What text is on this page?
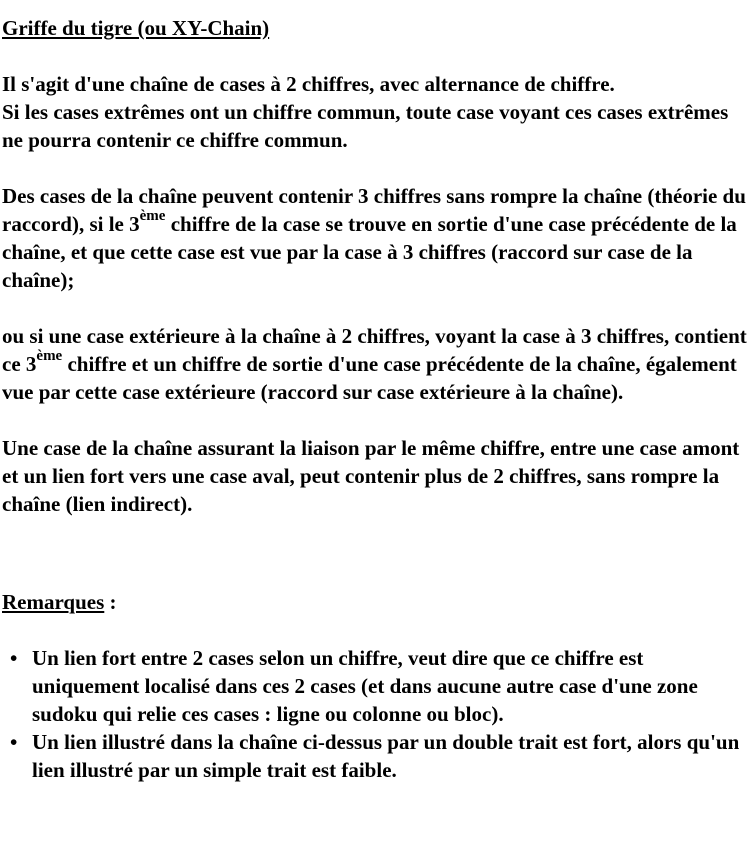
Griffe du tigre (ou XY-Chain)

Il s'agit d'une chaîne de cases à 2 chiffres, avec alternance de chiffre.
Si les cases extrêmes ont un chiffre commun, toute case voyant ces cases extrêmes ne pourra contenir ce chiffre commun.

Des cases de la chaîne peuvent contenir 3 chiffres sans rompre la chaîne (théorie du raccord), si le 3ème chiffre de la case se trouve en sortie d'une case précédente de la chaîne, et que cette case est vue par la case à 3 chiffres (raccord sur case de la chaîne);

ou si une case extérieure à la chaîne à 2 chiffres, voyant la case à 3 chiffres, contient ce 3ème chiffre et un chiffre de sortie d'une case précédente de la chaîne, également vue par cette case extérieure (raccord sur case extérieure à la chaîne).

Une case de la chaîne assurant la liaison par le même chiffre, entre une case amont et un lien fort vers une case aval, peut contenir plus de 2 chiffres, sans rompre la chaîne (lien indirect).

Remarques :

• Un lien fort entre 2 cases selon un chiffre, veut dire que ce chiffre est uniquement localisé dans ces 2 cases (et dans aucune autre case d'une zone sudoku qui relie ces cases : ligne ou colonne ou bloc).
• Un lien illustré dans la chaîne ci-dessus par un double trait est fort, alors qu'un lien illustré par un simple trait est faible.
